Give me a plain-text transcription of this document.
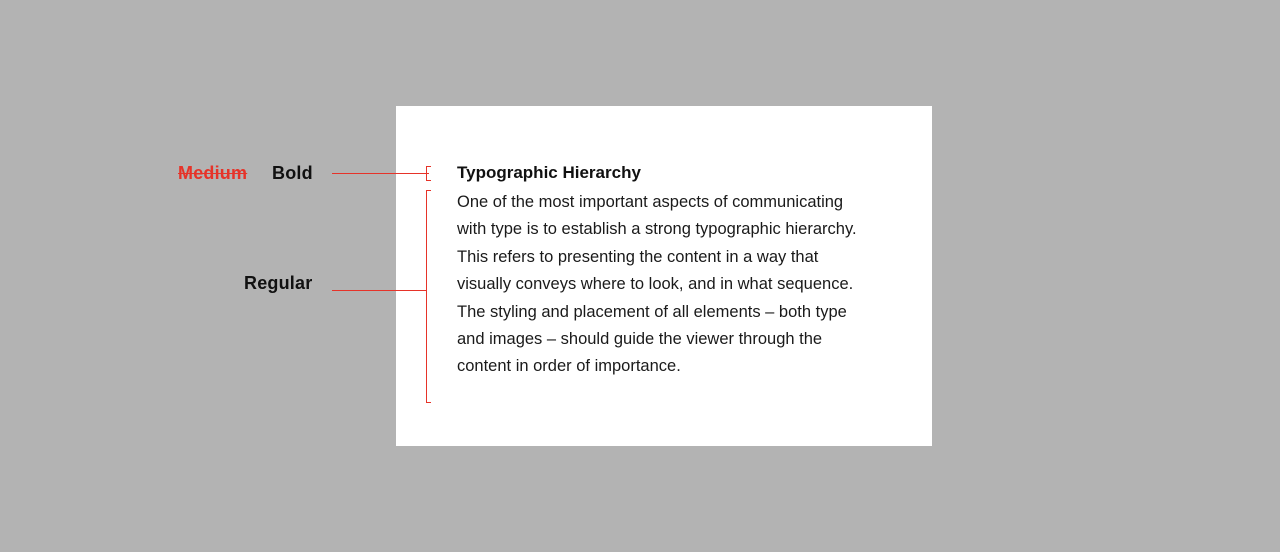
Typographic Hierarchy

One of the most important aspects of communicating with type is to establish a strong typographic hierarchy. This refers to presenting the content in a way that visually conveys where to look, and in what sequence. The styling and placement of all elements – both type and images – should guide the viewer through the content in order of importance.

Medium Bold
Regular
